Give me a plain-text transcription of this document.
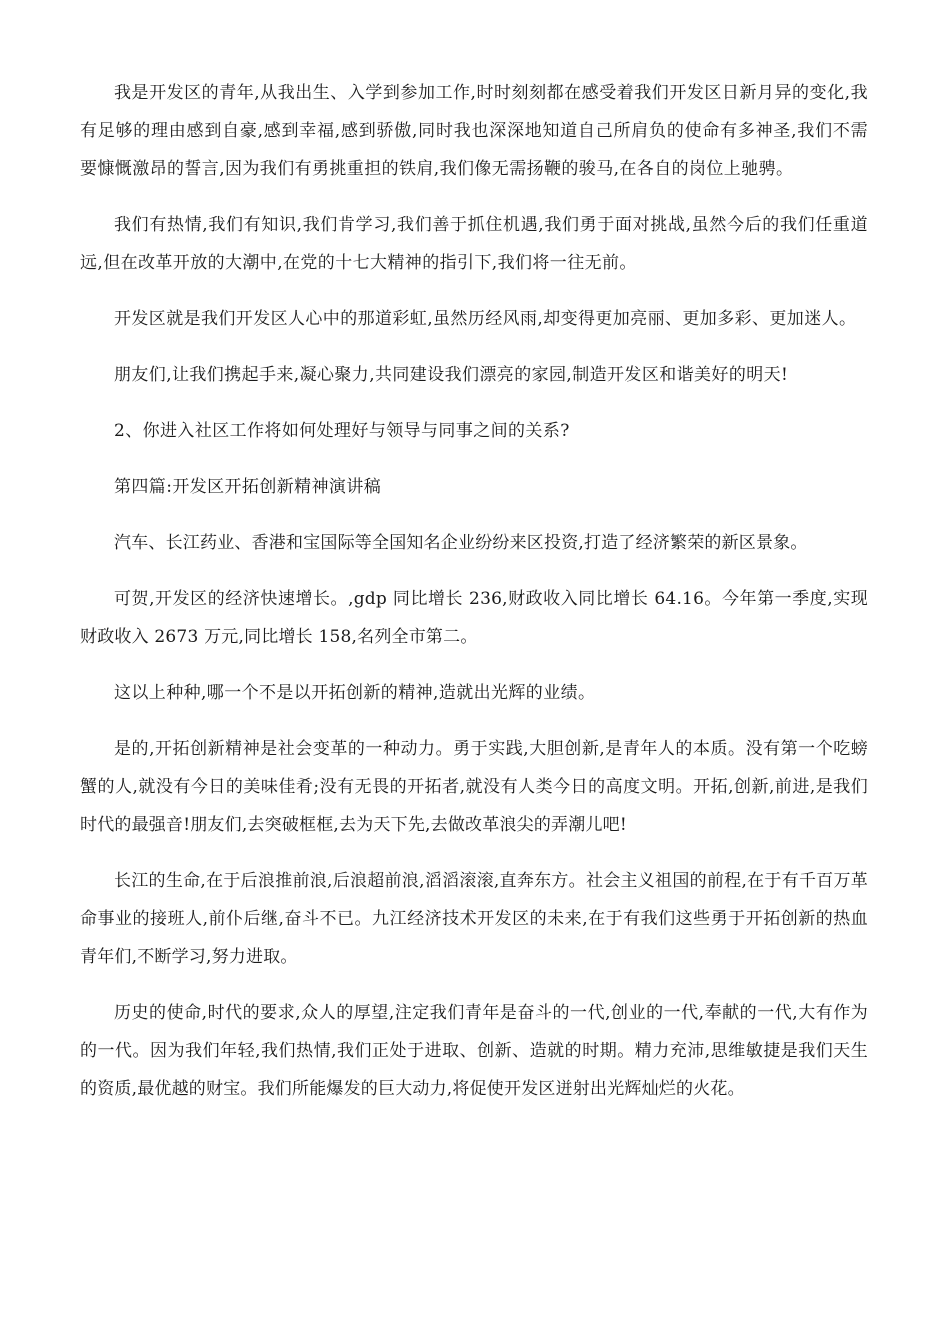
我是开发区的青年,从我出生、入学到参加工作,时时刻刻都在感受着我们开发区日新月异的变化,我有足够的理由感到自豪,感到幸福,感到骄傲,同时我也深深地知道自己所肩负的使命有多神圣,我们不需要慷慨激昂的誓言,因为我们有勇挑重担的铁肩,我们像无需扬鞭的骏马,在各自的岗位上驰骋。

我们有热情,我们有知识,我们肯学习,我们善于抓住机遇,我们勇于面对挑战,虽然今后的我们任重道远,但在改革开放的大潮中,在党的十七大精神的指引下,我们将一往无前。

开发区就是我们开发区人心中的那道彩虹,虽然历经风雨,却变得更加亮丽、更加多彩、更加迷人。

朋友们,让我们携起手来,凝心聚力,共同建设我们漂亮的家园,制造开发区和谐美好的明天!

2、你进入社区工作将如何处理好与领导与同事之间的关系?

第四篇:开发区开拓创新精神演讲稿

汽车、长江药业、香港和宝国际等全国知名企业纷纷来区投资,打造了经济繁荣的新区景象。

可贺,开发区的经济快速增长。,gdp 同比增长 236,财政收入同比增长 64.16。今年第一季度,实现财政收入 2673 万元,同比增长 158,名列全市第二。

这以上种种,哪一个不是以开拓创新的精神,造就出光辉的业绩。

是的,开拓创新精神是社会变革的一种动力。勇于实践,大胆创新,是青年人的本质。没有第一个吃螃蟹的人,就没有今日的美味佳肴;没有无畏的开拓者,就没有人类今日的高度文明。开拓,创新,前进,是我们时代的最强音!朋友们,去突破框框,去为天下先,去做改革浪尖的弄潮儿吧!

长江的生命,在于后浪推前浪,后浪超前浪,滔滔滚滚,直奔东方。社会主义祖国的前程,在于有千百万革命事业的接班人,前仆后继,奋斗不已。九江经济技术开发区的未来,在于有我们这些勇于开拓创新的热血青年们,不断学习,努力进取。

历史的使命,时代的要求,众人的厚望,注定我们青年是奋斗的一代,创业的一代,奉献的一代,大有作为的一代。因为我们年轻,我们热情,我们正处于进取、创新、造就的时期。精力充沛,思维敏捷是我们天生的资质,最优越的财宝。我们所能爆发的巨大动力,将促使开发区迸射出光辉灿烂的火花。
